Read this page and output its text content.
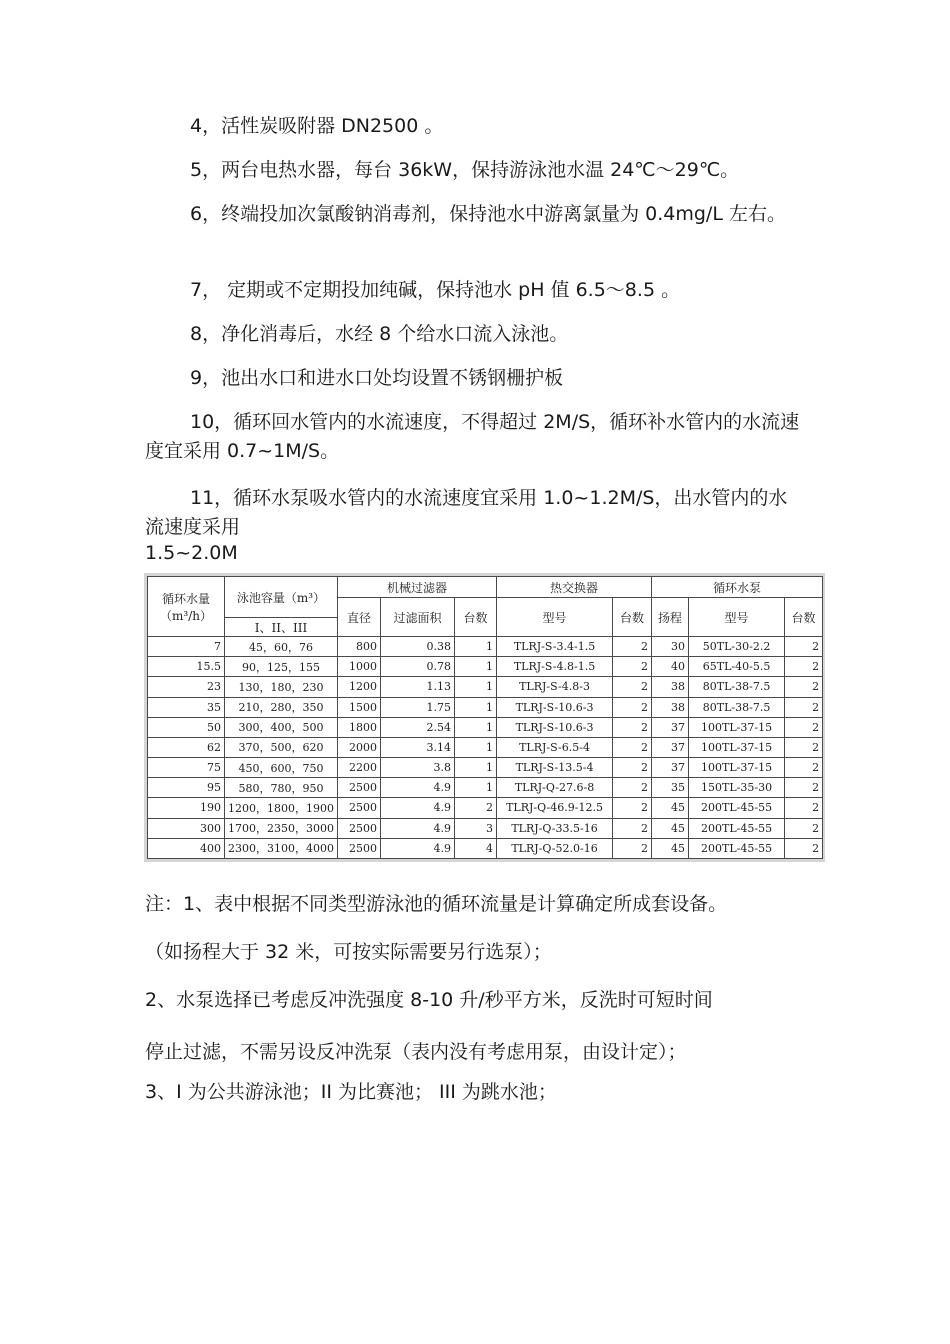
4，活性炭吸附器 DN2500 。

5，两台电热水器，每台 36kW，保持游泳池水温 24℃～29℃。

6，终端投加次氯酸钠消毒剂，保持池水中游离氯量为 0.4mg/L 左右。

7， 定期或不定期投加纯碱，保持池水 pH 值 6.5～8.5 。

8，净化消毒后，水经 8 个给水口流入泳池。

9，池出水口和进水口处均设置不锈钢栅护板

10，循环回水管内的水流速度，不得超过 2M/S，循环补水管内的水流速度宜采用 0.7~1M/S。

11，循环水泵吸水管内的水流速度宜采用 1.0~1.2M/S，出水管内的水流速度采用

1.5~2.0M

循环水量（m³/h）	泳池容量（m³）	机械过滤器			热交换器		循环水泵		
		直径	过滤面积	台数	型号	台数	扬程	型号	台数
	I、II、III								
7	45，60，76	800	0.38	1	TLRJ-S-3.4-1.5	2	30	50TL-30-2.2	2
15.5	90，125，155	1000	0.78	1	TLRJ-S-4.8-1.5	2	40	65TL-40-5.5	2
23	130，180，230	1200	1.13	1	TLRJ-S-4.8-3	2	38	80TL-38-7.5	2
35	210，280，350	1500	1.75	1	TLRJ-S-10.6-3	2	38	80TL-38-7.5	2
50	300，400，500	1800	2.54	1	TLRJ-S-10.6-3	2	37	100TL-37-15	2
62	370，500，620	2000	3.14	1	TLRJ-S-6.5-4	2	37	100TL-37-15	2
75	450，600，750	2200	3.8	1	TLRJ-S-13.5-4	2	37	100TL-37-15	2
95	580，780，950	2500	4.9	1	TLRJ-Q-27.6-8	2	35	150TL-35-30	2
190	1200，1800，1900	2500	4.9	2	TLRJ-Q-46.9-12.5	2	45	200TL-45-55	2
300	1700，2350，3000	2500	4.9	3	TLRJ-Q-33.5-16	2	45	200TL-45-55	2
400	2300，3100，4000	2500	4.9	4	TLRJ-Q-52.0-16	2	45	200TL-45-55	2

注：1、表中根据不同类型游泳池的循环流量是计算确定所成套设备。

（如扬程大于 32 米，可按实际需要另行选泵）；

2、水泵选择已考虑反冲洗强度 8-10 升/秒平方米，反洗时可短时间

停止过滤，不需另设反冲洗泵（表内没有考虑用泵，由设计定）；

3、I 为公共游泳池；II 为比赛池； III 为跳水池；
